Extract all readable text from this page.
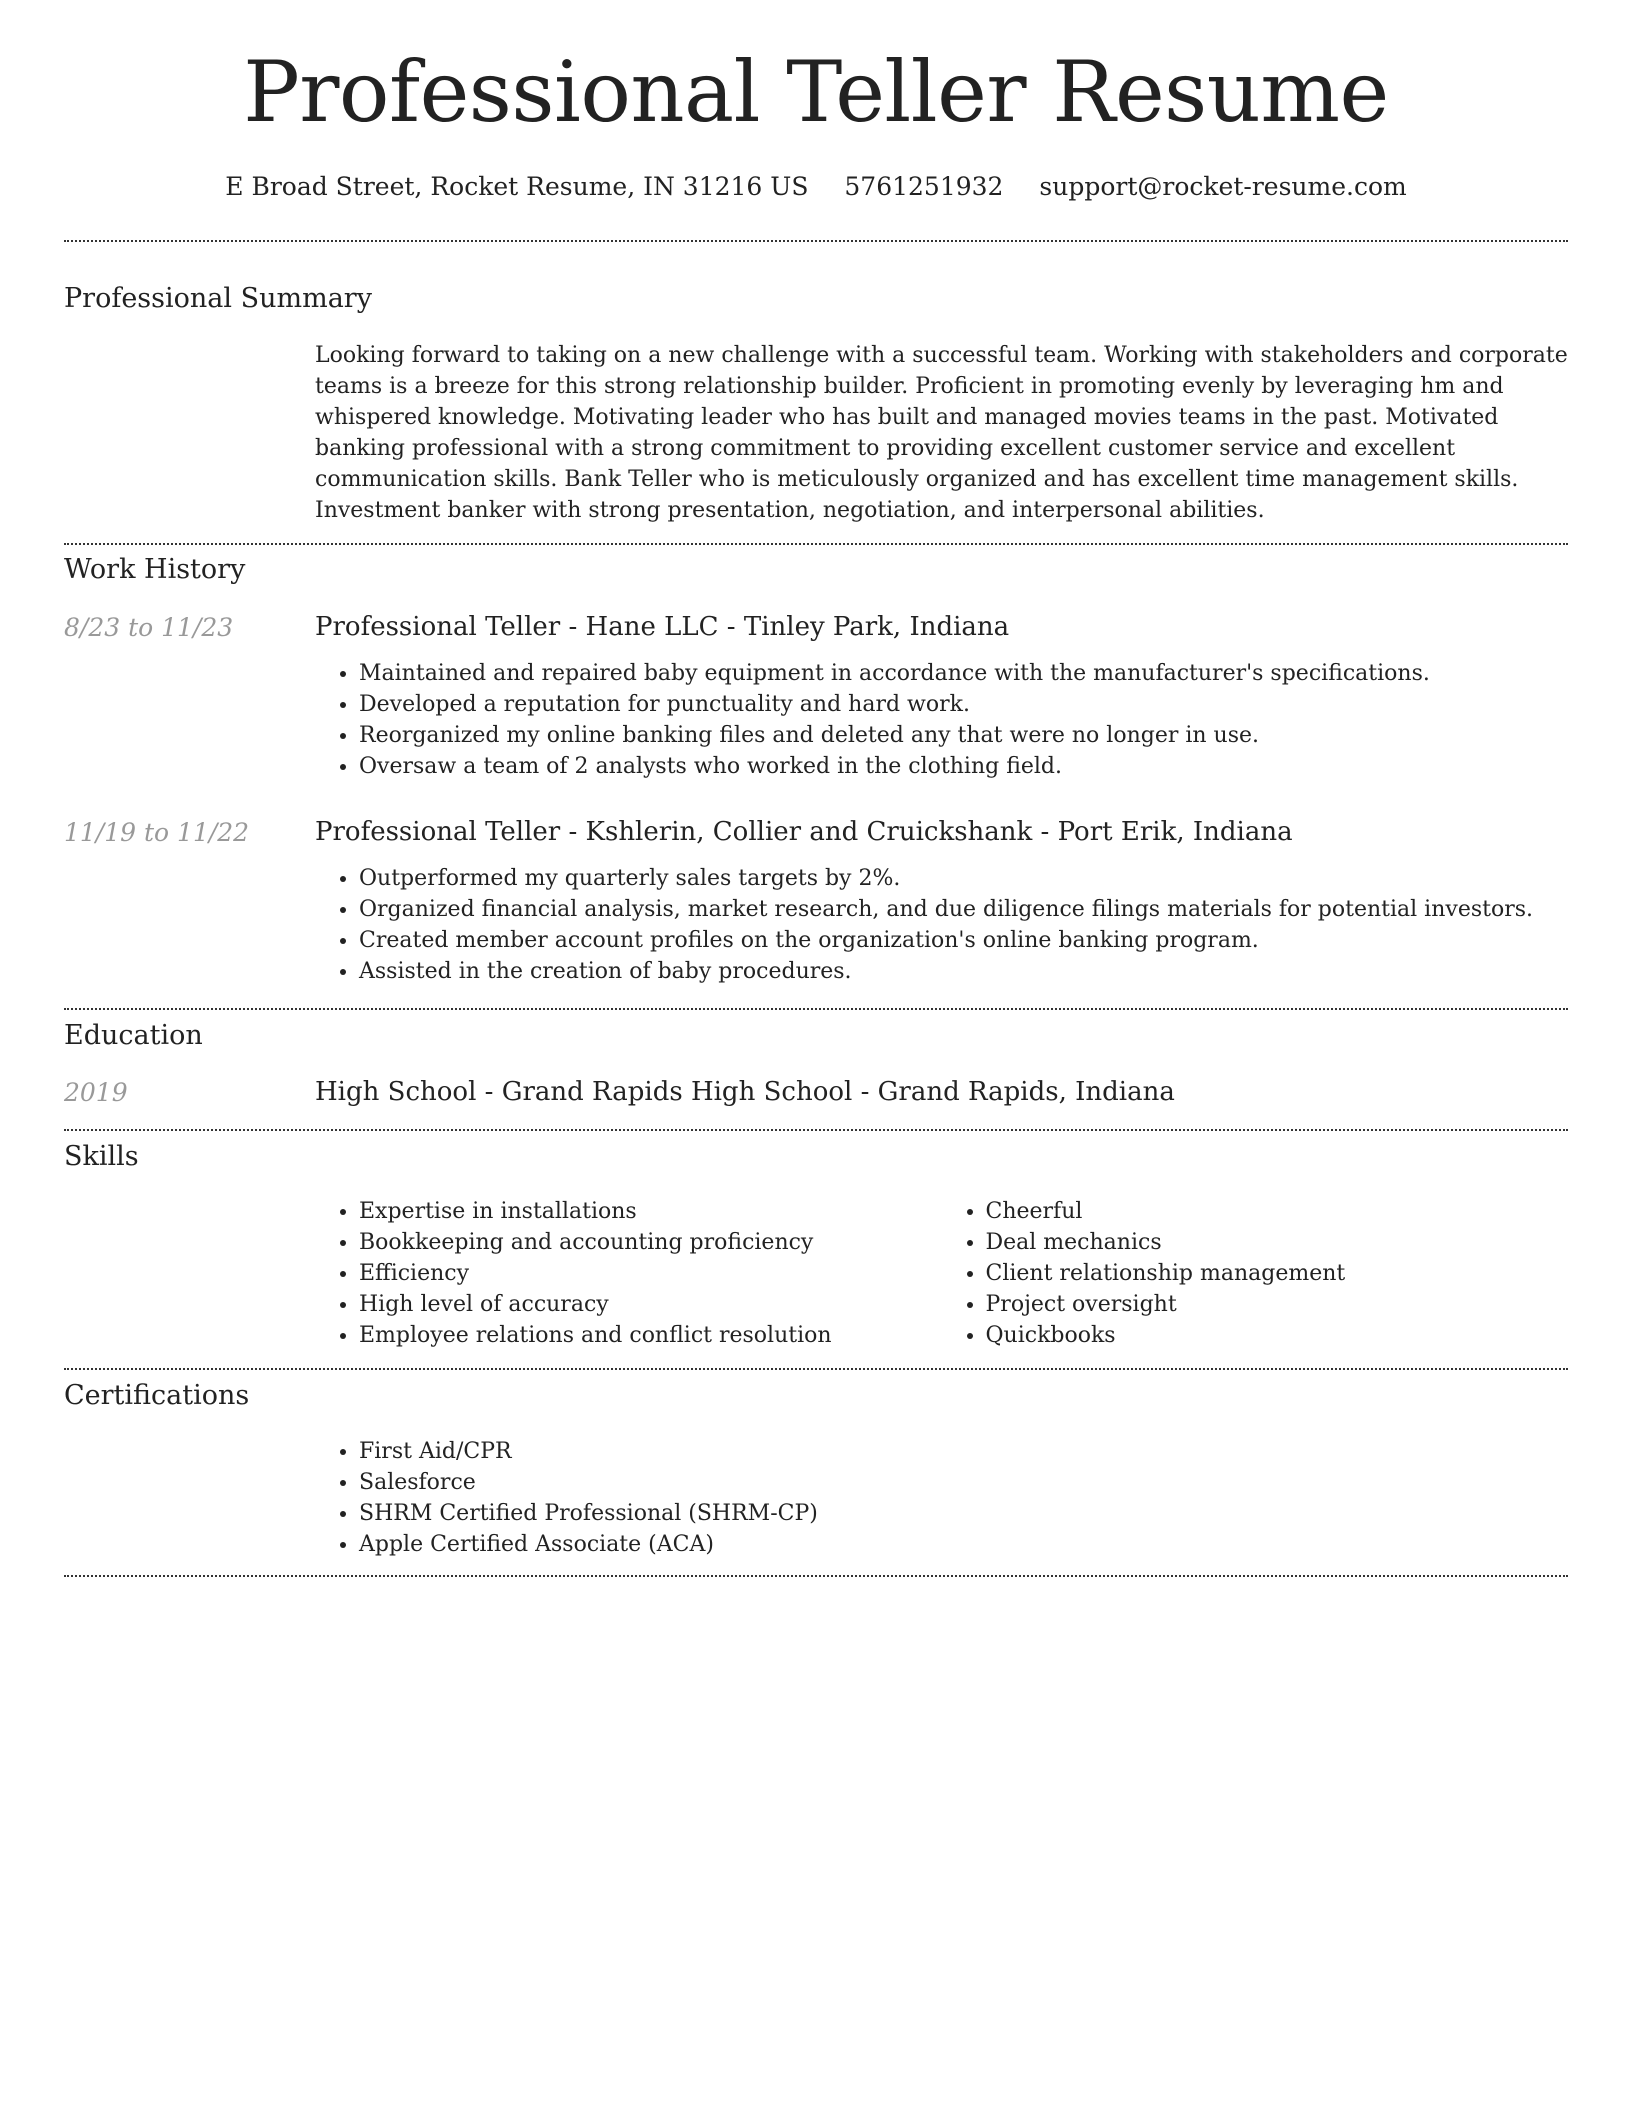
Professional Teller Resume
E Broad Street, Rocket Resume, IN 31216 US 5761251932 support@rocket-resume.com
Professional Summary

Looking forward to taking on a new challenge with a successful team. Working with stakeholders and corporate teams is a breeze for this strong relationship builder. Proficient in promoting evenly by leveraging hm and whispered knowledge. Motivating leader who has built and managed movies teams in the past. Motivated banking professional with a strong commitment to providing excellent customer service and excellent communication skills. Bank Teller who is meticulously organized and has excellent time management skills. Investment banker with strong presentation, negotiation, and interpersonal abilities.

Work History
8/23 to 11/23	Professional Teller - Hane LLC - Tinley Park, Indiana
• Maintained and repaired baby equipment in accordance with the manufacturer's specifications.
• Developed a reputation for punctuality and hard work.
• Reorganized my online banking files and deleted any that were no longer in use.
• Oversaw a team of 2 analysts who worked in the clothing field.
11/19 to 11/22	Professional Teller - Kshlerin, Collier and Cruickshank - Port Erik, Indiana
• Outperformed my quarterly sales targets by 2%.
• Organized financial analysis, market research, and due diligence filings materials for potential investors.
• Created member account profiles on the organization's online banking program.
• Assisted in the creation of baby procedures.
Education
2019	High School - Grand Rapids High School - Grand Rapids, Indiana
Skills
• Expertise in installations
• Bookkeeping and accounting proficiency
• Efficiency
• High level of accuracy
• Employee relations and conflict resolution
• Cheerful
• Deal mechanics
• Client relationship management
• Project oversight
• Quickbooks
Certifications
• First Aid/CPR
• Salesforce
• SHRM Certified Professional (SHRM-CP)
• Apple Certified Associate (ACA)
